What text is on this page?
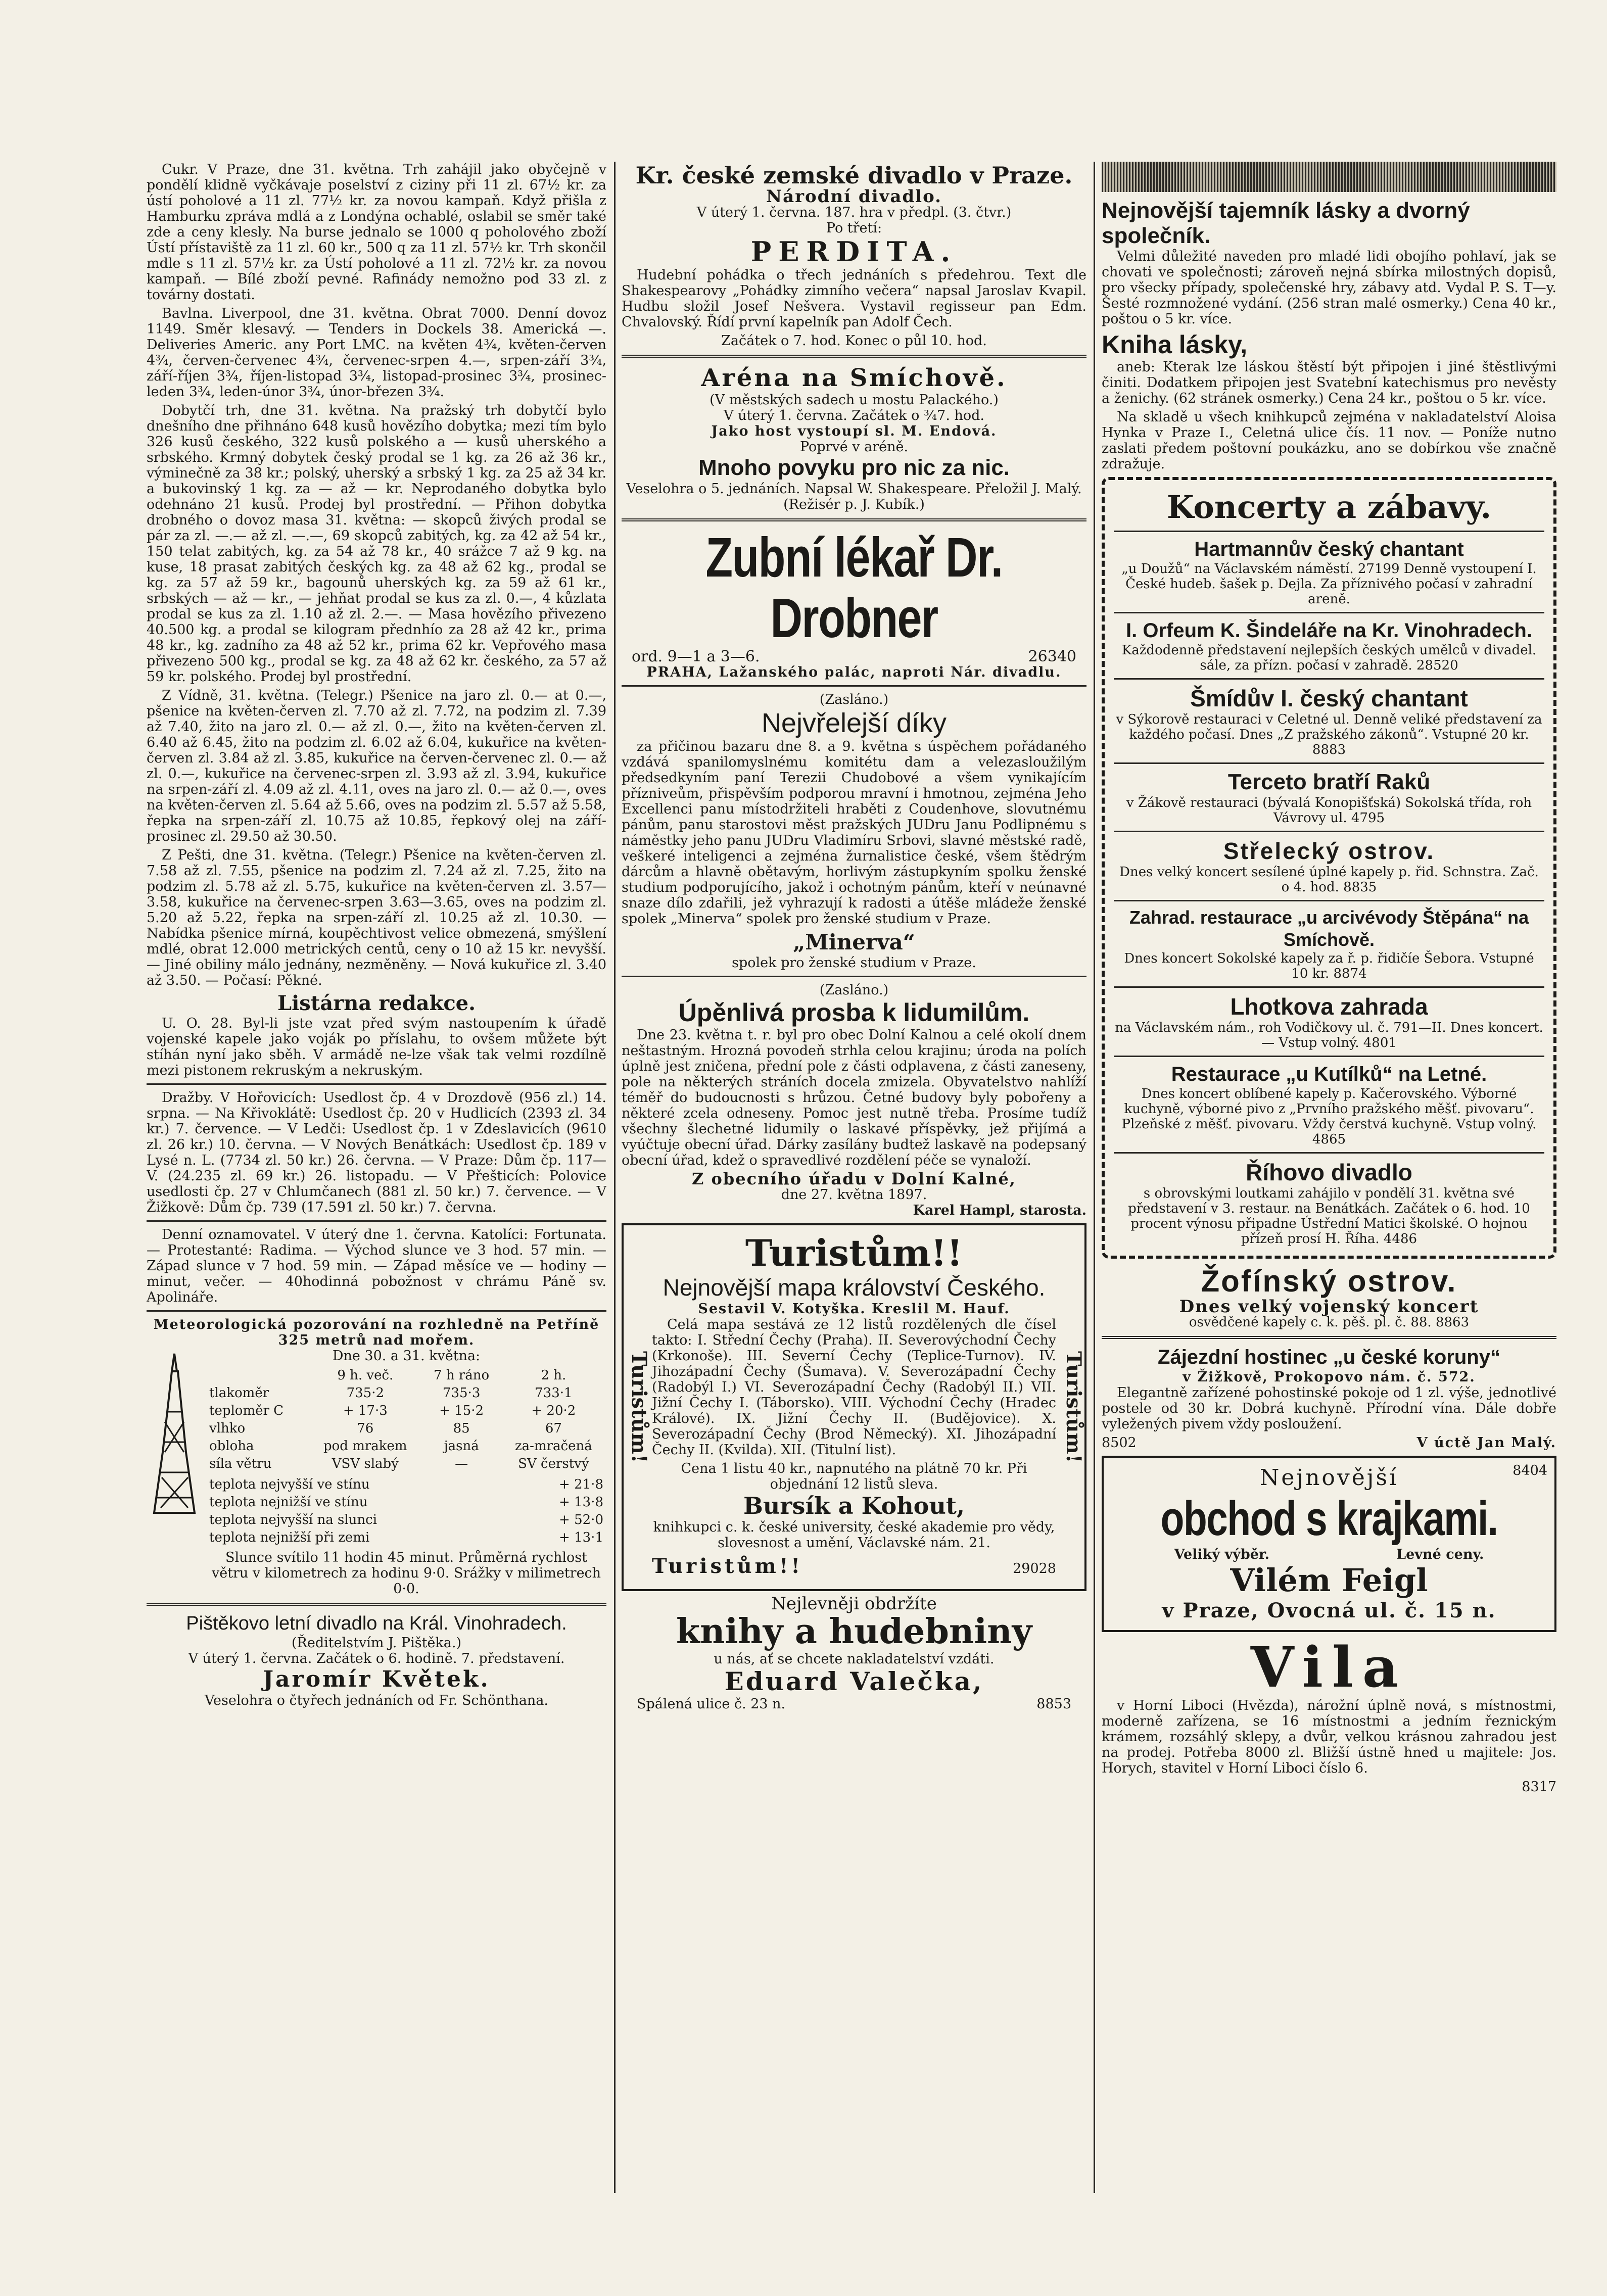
Cukr. V Praze, dne 31. května. Trh zahájil jako obyčejně v pondělí klidně vyčkávaje poselství z ciziny při 11 zl. 67½ kr. za ústí poholové a 11 zl. 77½ kr. za novou kampaň. Když přišla z Hamburku zpráva mdlá a z Londýna ochablé, oslabil se směr také zde a ceny klesly. Na burse jednalo se 1000 q poholového zboží Ústí přístaviště za 11 zl. 60 kr., 500 q za 11 zl. 57½ kr. Trh skončil mdle s 11 zl. 57½ kr. za Ústí poholové a 11 zl. 72½ kr. za novou kampaň. — Bílé zboží pevné. Rafinády nemožno pod 33 zl. z továrny dostati.

Bavlna. Liverpool, dne 31. května. Obrat 7000. Denní dovoz 1149. Směr klesavý. — Tenders in Dockels 38. Americká —. Deliveries Americ. any Port LMC. na květen 4¾, květen-červen 4¾, červen-červenec 4¾, červenec-srpen 4.—, srpen-září 3¾, září-říjen 3¾, říjen-listopad 3¾, listopad-prosinec 3¾, prosinec-leden 3¾, leden-únor 3¾, únor-březen 3¾.

Dobytčí trh, dne 31. května. Na pražský trh dobytčí bylo dnešního dne přihnáno 648 kusů hovězího dobytka; mezi tím bylo 326 kusů českého, 322 kusů polského a — kusů uherského a srbského. Krmný dobytek český prodal se 1 kg. za 26 až 36 kr., výminečně za 38 kr.; polský, uherský a srbský 1 kg. za 25 až 34 kr. a bukovinský 1 kg. za — až — kr. Neprodaného dobytka bylo odehnáno 21 kusů. Prodej byl prostřední. — Přihon dobytka drobného o dovoz masa 31. května: — skopců živých prodal se pár za zl. —.— až zl. —.—, 69 skopců zabitých, kg. za 42 až 54 kr., 150 telat zabitých, kg. za 54 až 78 kr., 40 srážce 7 až 9 kg. na kuse, 18 prasat zabitých českých kg. za 48 až 62 kg., prodal se kg. za 57 až 59 kr., bagounů uherských kg. za 59 až 61 kr., srbských — až — kr., — jehňat prodal se kus za zl. 0.—, 4 kůzlata prodal se kus za zl. 1.10 až zl. 2.—. — Masa hovězího přivezeno 40.500 kg. a prodal se kilogram přednhío za 28 až 42 kr., prima 48 kr., kg. zadního za 48 až 52 kr., prima 62 kr. Vepřového masa přivezeno 500 kg., prodal se kg. za 48 až 62 kr. českého, za 57 až 59 kr. polského. Prodej byl prostřední.

Z Vídně, 31. května. (Telegr.) Pšenice na jaro zl. 0.— at 0.—, pšenice na květen-červen zl. 7.70 až zl. 7.72, na podzim zl. 7.39 až 7.40, žito na jaro zl. 0.— až zl. 0.—, žito na květen-červen zl. 6.40 až 6.45, žito na podzim zl. 6.02 až 6.04, kukuřice na květen-červen zl. 3.84 až zl. 3.85, kukuřice na červen-červenec zl. 0.— až zl. 0.—, kukuřice na červenec-srpen zl. 3.93 až zl. 3.94, kukuřice na srpen-září zl. 4.09 až zl. 4.11, oves na jaro zl. 0.— až 0.—, oves na květen-červen zl. 5.64 až 5.66, oves na podzim zl. 5.57 až 5.58, řepka na srpen-září zl. 10.75 až 10.85, řepkový olej na září-prosinec zl. 29.50 až 30.50.

Z Pešti, dne 31. května. (Telegr.) Pšenice na květen-červen zl. 7.58 až zl. 7.55, pšenice na podzim zl. 7.24 až zl. 7.25, žito na podzim zl. 5.78 až zl. 5.75, kukuřice na květen-červen zl. 3.57—3.58, kukuřice na červenec-srpen 3.63—3.65, oves na podzim zl. 5.20 až 5.22, řepka na srpen-září zl. 10.25 až zl. 10.30. — Nabídka pšenice mírná, koupěchtivost velice obmezená, smýšlení mdlé, obrat 12.000 metrických centů, ceny o 10 až 15 kr. nevyšší. — Jiné obiliny málo jednány, nezměněny. — Nová kukuřice zl. 3.40 až 3.50. — Počasí: Pěkné.

Listárna redakce.

U. O. 28. Byl-li jste vzat před svým nastoupením k úřadě vojenské kapele jako voják po příslahu, to ovšem můžete být stíhán nyní jako sběh. V armádě ne-lze však tak velmi rozdílně mezi pistonem rekruským a nekruským.

Dražby. V Hořovicích: Usedlost čp. 4 v Drozdově (956 zl.) 14. srpna. — Na Křivoklátě: Usedlost čp. 20 v Hudlicích (2393 zl. 34 kr.) 7. července. — V Ledči: Usedlost čp. 1 v Zdeslavicích (9610 zl. 26 kr.) 10. června. — V Nových Benátkách: Usedlost čp. 189 v Lysé n. L. (7734 zl. 50 kr.) 26. června. — V Praze: Dům čp. 117—V. (24.235 zl. 69 kr.) 26. listopadu. — V Přešticích: Polovice usedlosti čp. 27 v Chlumčanech (881 zl. 50 kr.) 7. července. — V Žižkově: Dům čp. 739 (17.591 zl. 50 kr.) 7. června.

Denní oznamovatel. V úterý dne 1. června. Katolíci: Fortunata. — Protestanté: Radima. — Východ slunce ve 3 hod. 57 min. — Západ slunce v 7 hod. 59 min. — Západ měsíce ve — hodiny — minut, večer. — 40hodinná pobožnost v chrámu Páně sv. Apolináře.

Meteorologická pozorování na rozhledně na Petříně 325 metrů nad mořem.
Dne 30. a 31. května:
	9 h. več.	7 h ráno	2 h.
tlakoměr	735·2	735·3	733·1
teploměr C	+ 17·3	+ 15·2	+ 20·2
vlhko	76	85	67
obloha	pod mrakem	jasná	za-mračená
síla větru	VSV slabý	—	SV čerstvý
teplota nejvyšší ve stínu	+ 21·8
teplota nejnižší ve stínu	+ 13·8
teplota nejvyšší na slunci	+ 52·0
teplota nejnižší při zemi	+ 13·1
Slunce svítilo 11 hodin 45 minut. Průměrná rychlost větru v kilometrech za hodinu 9·0. Srážky v milimetrech 0·0.
Pištěkovo letní divadlo na Král. Vinohradech.
(Ředitelstvím J. Pištěka.)
V úterý 1. června. Začátek o 6. hodině. 7. představení.
Jaromír Květek.
Veselohra o čtyřech jednáních od Fr. Schönthana.
Kr. české zemské divadlo v Praze.
Národní divadlo.
V úterý 1. června. 187. hra v předpl. (3. čtvr.)
Po třetí:
PERDITA.

Hudební pohádka o třech jednáních s předehrou. Text dle Shakespearovy „Pohádky zimního večera“ napsal Jaroslav Kvapil. Hudbu složil Josef Nešvera. Vystavil regisseur pan Edm. Chvalovský. Řídí první kapelník pan Adolf Čech.

Začátek o 7. hod. Konec o půl 10. hod.
Aréna na Smíchově.
(V městských sadech u mostu Palackého.)
V úterý 1. června. Začátek o ¾7. hod.
Jako host vystoupí sl. M. Endová.
Poprvé v aréně.
Mnoho povyku pro nic za nic.
Veselohra o 5. jednáních. Napsal W. Shakespeare. Přeložil J. Malý. (Režisér p. J. Kubík.)
Zubní lékař Dr. Drobner
ord. 9—1 a 3—6.	26340
PRAHA, Lažanského palác, naproti Nár. divadlu.
(Zasláno.)
Nejvřelejší díky

za přičinou bazaru dne 8. a 9. května s úspěchem pořádaného vzdává spanilomyslnému komitétu dam a velezasloužilým předsedkyním paní Terezii Chudobové a všem vynikajícím přízniveům, přispěvším podporou mravní i hmotnou, zejména Jeho Excellenci panu místodržiteli hraběti z Coudenhove, slovutnému pánům, panu starostovi měst pražských JUDru Janu Podlipnému s náměstky jeho panu JUDru Vladimíru Srbovi, slavné městské radě, veškeré inteligenci a zejména žurnalistice české, všem štědrým dárcům a hlavně obětavým, horlivým zástupkyním spolku ženské studium podporujícího, jakož i ochotným pánům, kteří v neúnavné snaze dílo zdařili, jež vyhrazují k radosti a útěše mládeže ženské spolek „Minerva“ spolek pro ženské studium v Praze.

„Minerva“
spolek pro ženské studium v Praze.
(Zasláno.)
Úpěnlivá prosba k lidumilům.

Dne 23. května t. r. byl pro obec Dolní Kalnou a celé okolí dnem neštastným. Hrozná povodeň strhla celou krajinu; úroda na polích úplně jest zničena, přední pole z části odplavena, z části zaneseny, pole na některých stráních docela zmizela. Obyvatelstvo nahlíží téměř do budoucnosti s hrůzou. Četné budovy byly pobořeny a některé zcela odneseny. Pomoc jest nutně třeba. Prosíme tudíž všechny šlechetné lidumily o laskavé příspěvky, jež přijímá a vyúčtuje obecní úřad. Dárky zasílány budtež laskavě na podepsaný obecní úřad, kdež o spravedlivé rozdělení péče se vynaloží.

Z obecního úřadu v Dolní Kalné,
dne 27. května 1897.
Karel Hampl, starosta.
Turistům!	Turistům!
Turistům!!
Nejnovější mapa království Českého.
Sestavil V. Kotyška. Kreslil M. Hauf.

Celá mapa sestává ze 12 listů rozdělených dle čísel takto: I. Střední Čechy (Praha). II. Severovýchodní Čechy (Krkonoše). III. Severní Čechy (Teplice-Turnov). IV. Jihozápadní Čechy (Šumava). V. Severozápadní Čechy (Radobýl I.) VI. Severozápadní Čechy (Radobýl II.) VII. Jižní Čechy I. (Táborsko). VIII. Východní Čechy (Hradec Králové). IX. Jižní Čechy II. (Budějovice). X. Severozápadní Čechy (Brod Německý). XI. Jihozápadní Čechy II. (Kvilda). XII. (Titulní list).

Cena 1 listu 40 kr., napnutého na plátně 70 kr. Při objednání 12 listů sleva.
Bursík a Kohout,
knihkupci c. k. české university, české akademie pro vědy, slovesnost a umění, Václavské nám. 21.
Turistům!!	29028
Nejlevněji obdržíte
knihy a hudebniny
u nás, ať se chcete nakladatelství vzdáti.
Eduard Valečka,
Spálená ulice č. 23 n.	8853
Nejnovější tajemník lásky a dvorný společník.

Velmi důležité naveden pro mladé lidi obojího pohlaví, jak se chovati ve společnosti; zároveň nejná sbírka milostných dopisů, pro všecky případy, společenské hry, zábavy atd. Vydal P. S. T—y. Šesté rozmnožené vydání. (256 stran malé osmerky.) Cena 40 kr., poštou o 5 kr. více.

Kniha lásky,

aneb: Kterak lze láskou štěstí být připojen i jiné štěstlivými činiti. Dodatkem připojen jest Svatební katechismus pro nevěsty a ženichy. (62 stránek osmerky.) Cena 24 kr., poštou o 5 kr. více.

Na skladě u všech knihkupců zejména v nakladatelství Aloisa Hynka v Praze I., Celetná ulice čís. 11 nov. — Poníže nutno zaslati předem poštovní poukázku, ano se dobírkou vše značně zdražuje.

Koncerty a zábavy.
Hartmannův český chantant
„u Doužů“ na Václavském náměstí. 27199 Denně vystoupení I. České hudeb. šašek p. Dejla. Za příznivého počasí v zahradní areně.
I. Orfeum K. Šindeláře na Kr. Vinohradech.
Každodenně představení nejlepších českých umělců v divadel. sále, za přízn. počasí v zahradě. 28520
Šmídův I. český chantant
v Sýkorově restauraci v Celetné ul. Denně veliké představení za každého počasí. Dnes „Z pražského zákonů“. Vstupné 20 kr. 8883
Terceto bratří Raků
v Žákově restauraci (bývalá Konopišťská) Sokolská třída, roh Vávrovy ul. 4795
Střelecký ostrov.
Dnes velký koncert sesílené úplné kapely p. řid. Schnstra. Zač. o 4. hod. 8835
Zahrad. restaurace „u arcivévody Štěpána“ na Smíchově.
Dnes koncert Sokolské kapely za ř. p. řidičíe Šebora. Vstupné 10 kr. 8874
Lhotkova zahrada
na Václavském nám., roh Vodičkovy ul. č. 791—II. Dnes koncert. — Vstup volný. 4801
Restaurace „u Kutílků“ na Letné.
Dnes koncert oblíbené kapely p. Kačerovského. Výborné kuchyně, výborné pivo z „Prvního pražského měšť. pivovaru“. Plzeňské z měšť. pivovaru. Vždy čerstvá kuchyně. Vstup volný. 4865
Říhovo divadlo
s obrovskými loutkami zahájilo v pondělí 31. května své představení v 3. restaur. na Benátkách. Začátek o 6. hod. 10 procent výnosu připadne Ústřední Matici školské. O hojnou přízeň prosí H. Říha. 4486
Žofínský ostrov.
Dnes velký vojenský koncert
osvědčené kapely c. k. pěš. pl. č. 88. 8863
Zájezdní hostinec „u české koruny“
v Žižkově, Prokopovo nám. č. 572.

Elegantně zařízené pohostinské pokoje od 1 zl. výše, jednotlivé postele od 30 kr. Dobrá kuchyně. Přírodní vína. Dále dobře vyležených pivem vždy posloužení.

8502	V úctě Jan Malý.
8404
Nejnovější
obchod s krajkami.
Veliký výběr.	Levné ceny.
Vilém Feigl
v Praze, Ovocná ul. č. 15 n.
Vila

v Horní Liboci (Hvězda), nárožní úplně nová, s místnostmi, moderně zařízena, se 16 místnostmi a jedním řeznickým krámem, rozsáhlý sklepy, a dvůr, velkou krásnou zahradou jest na prodej. Potřeba 8000 zl. Bližší ústně hned u majitele: Jos. Horych, stavitel v Horní Liboci číslo 6.

8317
